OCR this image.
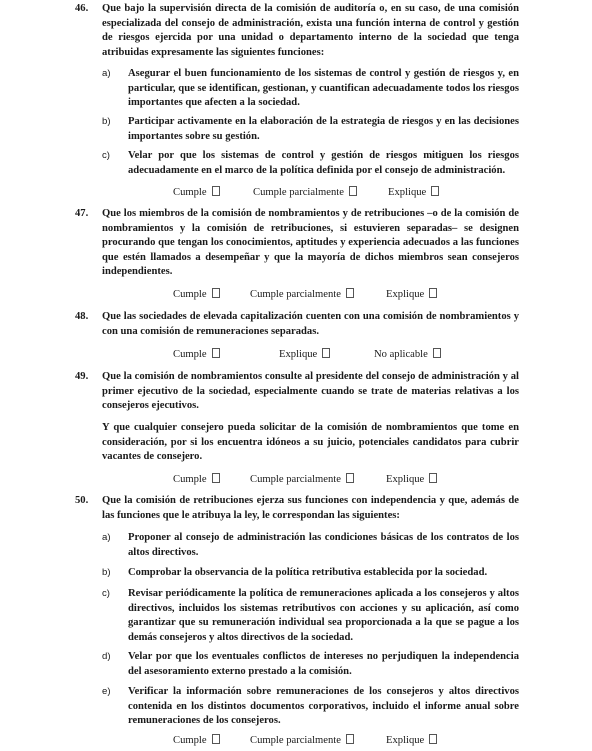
46. Que bajo la supervisión directa de la comisión de auditoría o, en su caso, de una comisión especializada del consejo de administración, exista una función interna de control y gestión de riesgos ejercida por una unidad o departamento interno de la sociedad que tenga atribuidas expresamente las siguientes funciones:
a) Asegurar el buen funcionamiento de los sistemas de control y gestión de riesgos y, en particular, que se identifican, gestionan, y cuantifican adecuadamente todos los riesgos importantes que afecten a la sociedad.
b) Participar activamente en la elaboración de la estrategia de riesgos y en las decisiones importantes sobre su gestión.
c) Velar por que los sistemas de control y gestión de riesgos mitiguen los riesgos adecuadamente en el marco de la política definida por el consejo de administración.
Cumple	Cumple parcialmente	Explique
47. Que los miembros de la comisión de nombramientos y de retribuciones –o de la comisión de nombramientos y la comisión de retribuciones, si estuvieren separadas– se designen procurando que tengan los conocimientos, aptitudes y experiencia adecuados a las funciones que estén llamados a desempeñar y que la mayoría de dichos miembros sean consejeros independientes.
Cumple	Cumple parcialmente	Explique
48. Que las sociedades de elevada capitalización cuenten con una comisión de nombramientos y con una comisión de remuneraciones separadas.
Cumple	Explique	No aplicable
49. Que la comisión de nombramientos consulte al presidente del consejo de administración y al primer ejecutivo de la sociedad, especialmente cuando se trate de materias relativas a los consejeros ejecutivos.
Y que cualquier consejero pueda solicitar de la comisión de nombramientos que tome en consideración, por si los encuentra idóneos a su juicio, potenciales candidatos para cubrir vacantes de consejero.
Cumple	Cumple parcialmente	Explique
50. Que la comisión de retribuciones ejerza sus funciones con independencia y que, además de las funciones que le atribuya la ley, le correspondan las siguientes:
a) Proponer al consejo de administración las condiciones básicas de los contratos de los altos directivos.
b) Comprobar la observancia de la política retributiva establecida por la sociedad.
c) Revisar periódicamente la política de remuneraciones aplicada a los consejeros y altos directivos, incluidos los sistemas retributivos con acciones y su aplicación, así como garantizar que su remuneración individual sea proporcionada a la que se pague a los demás consejeros y altos directivos de la sociedad.
d) Velar por que los eventuales conflictos de intereses no perjudiquen la independencia del asesoramiento externo prestado a la comisión.
e) Verificar la información sobre remuneraciones de los consejeros y altos directivos contenida en los distintos documentos corporativos, incluido el informe anual sobre remuneraciones de los consejeros.
Cumple	Cumple parcialmente	Explique
